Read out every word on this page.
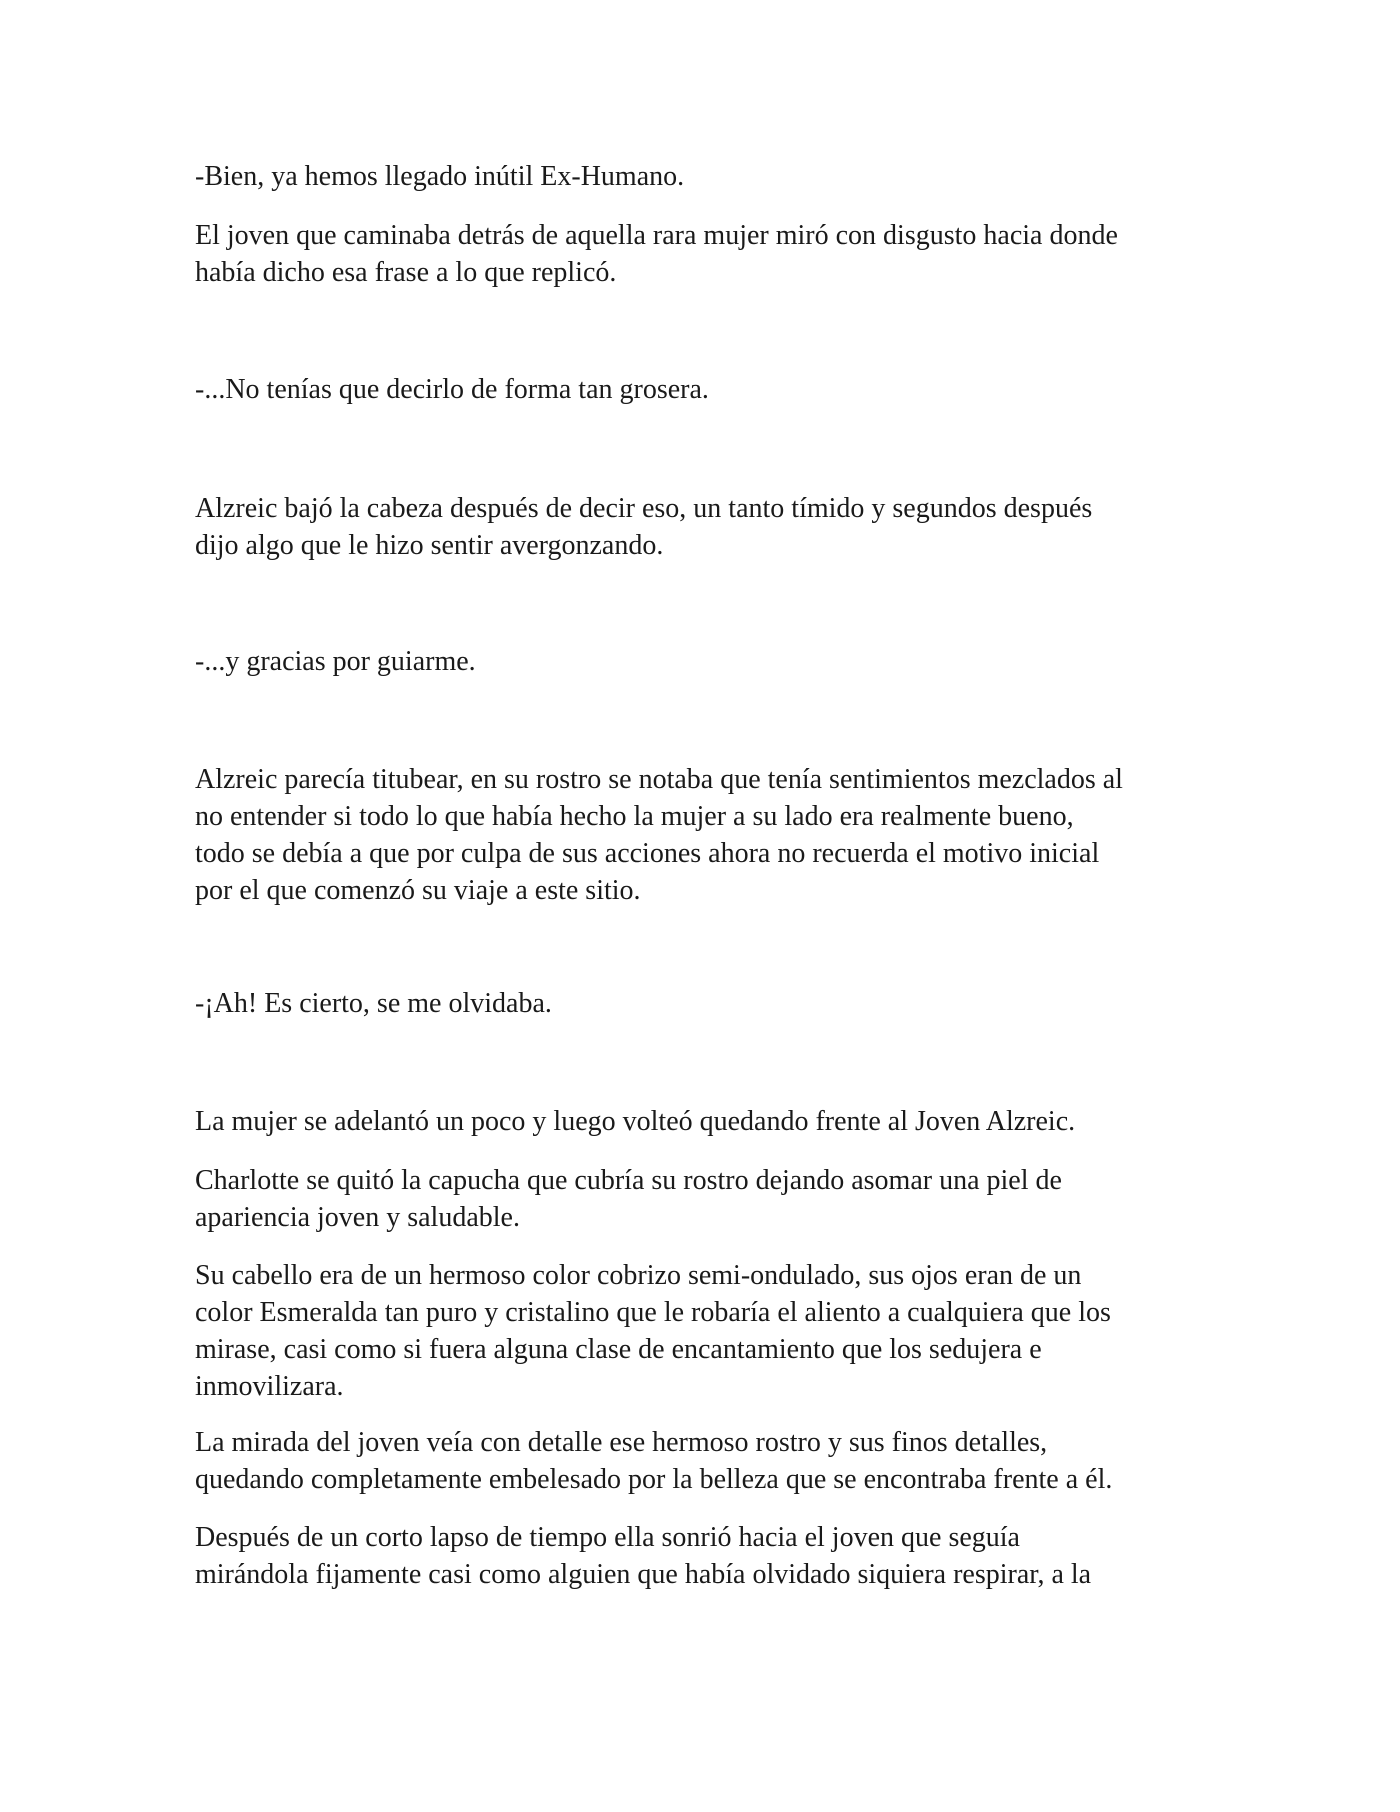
-Bien, ya hemos llegado inútil Ex-Humano.

El joven que caminaba detrás de aquella rara mujer miró con disgusto hacia donde
había dicho esa frase a lo que replicó.

-...No tenías que decirlo de forma tan grosera.

Alzreic bajó la cabeza después de decir eso, un tanto tímido y segundos después
dijo algo que le hizo sentir avergonzando.

-...y gracias por guiarme.

Alzreic parecía titubear, en su rostro se notaba que tenía sentimientos mezclados al
no entender si todo lo que había hecho la mujer a su lado era realmente bueno,
todo se debía a que por culpa de sus acciones ahora no recuerda el motivo inicial
por el que comenzó su viaje a este sitio.

-¡Ah! Es cierto, se me olvidaba.

La mujer se adelantó un poco y luego volteó quedando frente al Joven Alzreic.

Charlotte se quitó la capucha que cubría su rostro dejando asomar una piel de
apariencia joven y saludable.

Su cabello era de un hermoso color cobrizo semi-ondulado, sus ojos eran de un
color Esmeralda tan puro y cristalino que le robaría el aliento a cualquiera que los
mirase, casi como si fuera alguna clase de encantamiento que los sedujera e
inmovilizara.

La mirada del joven veía con detalle ese hermoso rostro y sus finos detalles,
quedando completamente embelesado por la belleza que se encontraba frente a él.

Después de un corto lapso de tiempo ella sonrió hacia el joven que seguía
mirándola fijamente casi como alguien que había olvidado siquiera respirar, a la
